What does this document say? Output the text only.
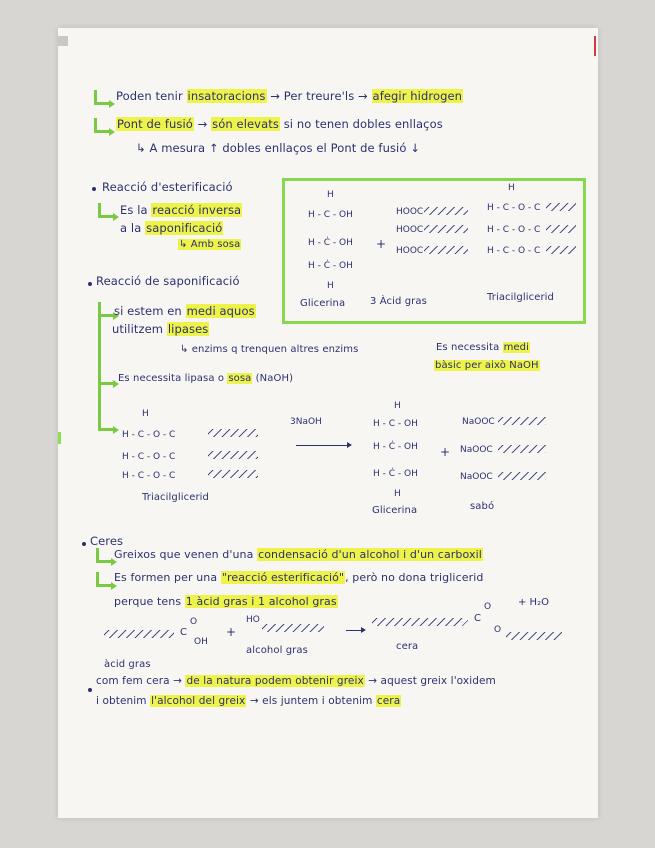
Poden tenir insatoracions → Per treure'ls → afegir hidrogen
Pont de fusió → són elevats si no tenen dobles enllaços
↳ A mesura ↑ dobles enllaços el Pont de fusió ↓
Reacció d'esterificació
Es la reacció inversa
a la saponificació
↳ Amb sosa
H
H - C - OH
H - Ċ - OH
H - Ċ - OH
H
+
HOOC
HOOC
HOOC
H
H - C - O - C
H - C - O - C
H - C - O - C
Glicerina 3 Àcid gras	Triacilglicerid
Reacció de saponificació
si estem en medi aquos
utilitzem lipases
↳ enzims q trenquen altres enzims	Es necessita medi
bàsic per això NaOH
Es necessita lipasa o sosa (NaOH)
H
H - C - O - C
H - C - O - C
H - C - O - C
Triacilglicerid
3NaOH
H
H - C - OH
H - Ċ - OH
H - Ċ - OH
H
+
NaOOC
NaOOC
NaOOC
Glicerina	sabó
Ceres
Greixos que venen d'una condensació d'un alcohol i d'un carboxil
Es formen per una "reacció esterificació", però no dona triglicerid
perque tens 1 àcid gras i 1 alcohol gras
C
O
OH
+
HO	C
O
O
+ H₂O
àcid gras
alcohol gras	cera
com fem cera → de la natura podem obtenir greix → aquest greix l'oxidem
i obtenim l'alcohol del greix → els juntem i obtenim cera
